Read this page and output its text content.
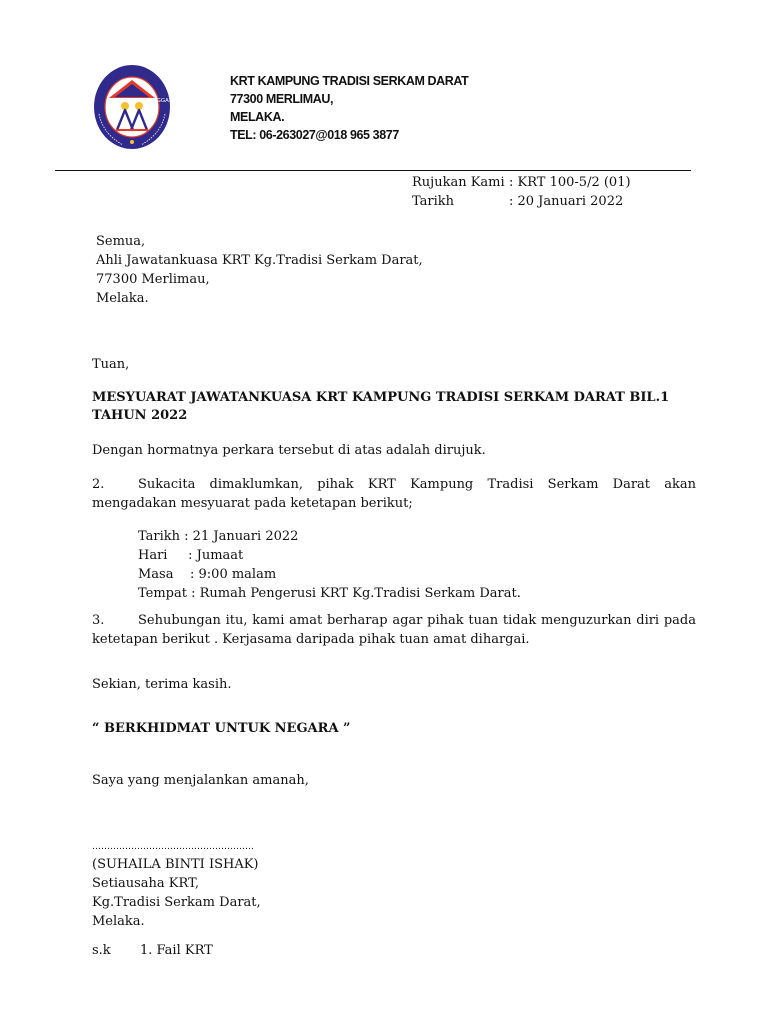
RUKUN TETANGGA
KRT KAMPUNG TRADISI SERKAM DARAT
77300 MERLIMAU,
MELAKA.
TEL: 06-263027@018 965 3877
Rujukan Kami : KRT 100-5/2 (01)
Tarikh	: 20 Januari 2022
Semua,
Ahli Jawatankuasa KRT Kg.Tradisi Serkam Darat,
77300 Merlimau,
Melaka.
Tuan,
MESYUARAT JAWATANKUASA KRT KAMPUNG TRADISI SERKAM DARAT BIL.1
TAHUN 2022
Dengan hormatnya perkara tersebut di atas adalah dirujuk.
2.	Sukacita dimaklumkan, pihak KRT Kampung Tradisi Serkam Darat akan mengadakan mesyuarat pada ketetapan berikut;
Tarikh : 21 Januari 2022
Hari     : Jumaat
Masa    : 9:00 malam
Tempat : Rumah Pengerusi KRT Kg.Tradisi Serkam Darat.
3.	Sehubungan itu, kami amat berharap agar pihak tuan tidak menguzurkan diri pada ketetapan berikut . Kerjasama daripada pihak tuan amat dihargai.
Sekian, terima kasih.
“ BERKHIDMAT UNTUK NEGARA ”
Saya yang menjalankan amanah,
………………………………………………
(SUHAILA BINTI ISHAK)
Setiausaha KRT,
Kg.Tradisi Serkam Darat,
Melaka.
s.k 1. Fail KRT
